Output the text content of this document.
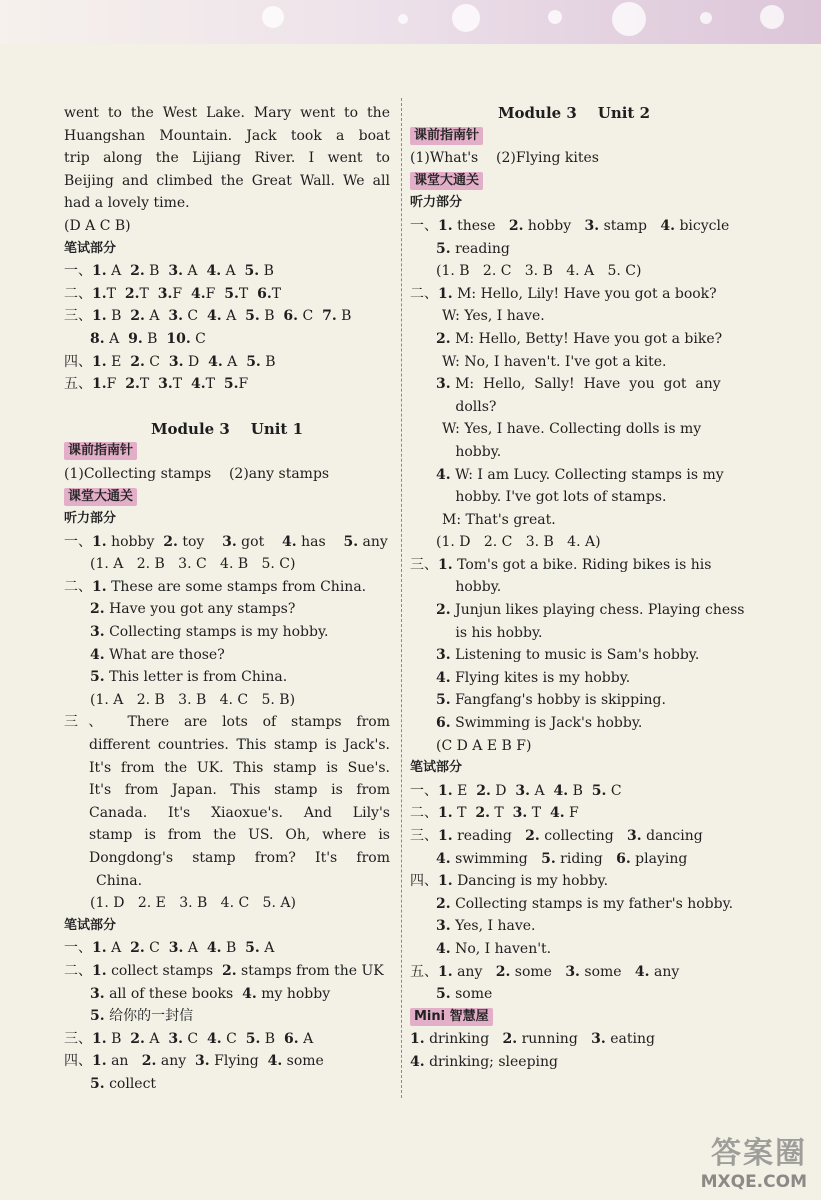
went to the West Lake. Mary went to the
Huangshan Mountain. Jack took a boat
trip along the Lijiang River. I went to
Beijing and climbed the Great Wall. We all
had a lovely time.
(D A C B)
笔试部分
一、1. A  2. B  3. A  4. A  5. B
二、1.T  2.T  3.F  4.F  5.T  6.T
三、1. B  2. A  3. C  4. A  5. B  6. C  7. B
8. A  9. B  10. C
四、1. E  2. C  3. D  4. A  5. B
五、1.F  2.T  3.T  4.T  5.F
Module 3    Unit 1
课前指南针
(1)Collecting stamps    (2)any stamps
课堂大通关
听力部分
一、1. hobby  2. toy    3. got    4. has    5. any
(1. A   2. B   3. C   4. B   5. C)
二、1. These are some stamps from China.
2. Have you got any stamps?
3. Collecting stamps is my hobby.
4. What are those?
5. This letter is from China.
(1. A   2. B   3. B   4. C   5. B)
三、 There are lots of stamps from
different countries. This stamp is Jack's.
It's from the UK. This stamp is Sue's.
It's from Japan. This stamp is from
Canada. It's Xiaoxue's. And Lily's
stamp is from the US. Oh, where is
Dongdong's stamp from? It's from
China.
(1. D   2. E   3. B   4. C   5. A)
笔试部分
一、1. A  2. C  3. A  4. B  5. A
二、1. collect stamps  2. stamps from the UK
3. all of these books  4. my hobby
5. 给你的一封信
三、1. B  2. A  3. C  4. C  5. B  6. A
四、1. an   2. any  3. Flying  4. some
5. collect
Module 3    Unit 2
课前指南针
(1)What's    (2)Flying kites
课堂大通关
听力部分
一、1. these   2. hobby   3. stamp   4. bicycle
5. reading
(1. B   2. C   3. B   4. A   5. C)
二、1. M: Hello, Lily! Have you got a book?
W: Yes, I have.
2. M: Hello, Betty! Have you got a bike?
W: No, I haven't. I've got a kite.
3. M:  Hello,  Sally!  Have  you  got  any
dolls?
W: Yes, I have. Collecting dolls is my
hobby.
4. W: I am Lucy. Collecting stamps is my
hobby. I've got lots of stamps.
M: That's great.
(1. D   2. C   3. B   4. A)
三、1. Tom's got a bike. Riding bikes is his
hobby.
2. Junjun likes playing chess. Playing chess
is his hobby.
3. Listening to music is Sam's hobby.
4. Flying kites is my hobby.
5. Fangfang's hobby is skipping.
6. Swimming is Jack's hobby.
(C D A E B F)
笔试部分
一、1. E  2. D  3. A  4. B  5. C
二、1. T  2. T  3. T  4. F
三、1. reading   2. collecting   3. dancing
4. swimming   5. riding   6. playing
四、1. Dancing is my hobby.
2. Collecting stamps is my father's hobby.
3. Yes, I have.
4. No, I haven't.
五、1. any   2. some   3. some   4. any
5. some
Mini 智慧屋
1. drinking   2. running   3. eating
4. drinking; sleeping
答案圈
MXQE.COM
